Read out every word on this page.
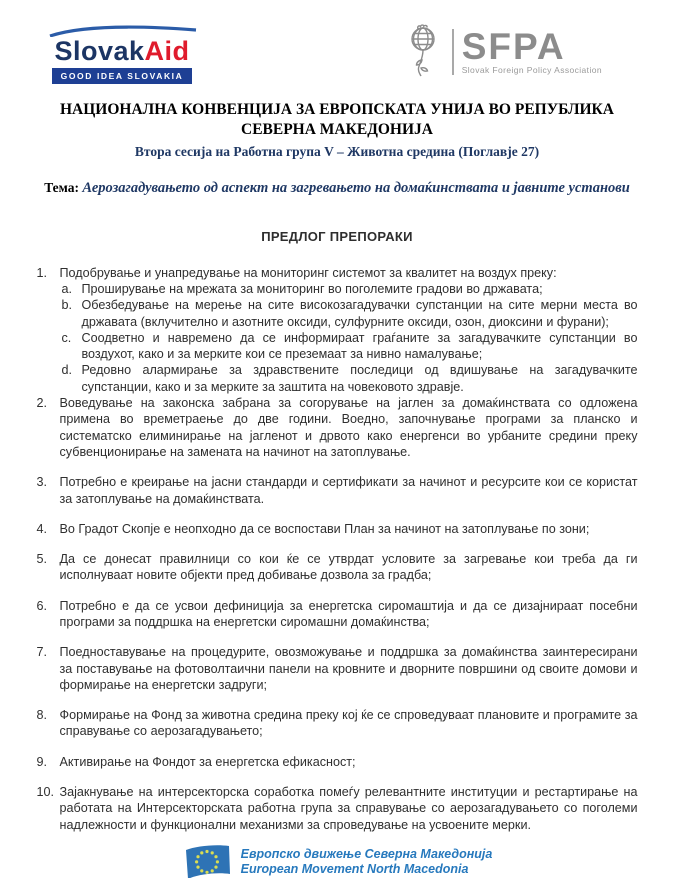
SlovakAid
GOOD IDEA SLOVAKIA
SFPA
Slovak Foreign Policy Association
НАЦИОНАЛНА КОНВЕНЦИЈА ЗА ЕВРОПСКАТА УНИЈА ВО РЕПУБЛИКА СЕВЕРНА МАКЕДОНИЈА
Втора сесија на Работна група V – Животна средина (Поглавје 27)
Тема: Аерозагадувањето од аспект на загревањето на домаќинствата и јавните установи
ПРЕДЛОГ ПРЕПОРАКИ
1. Подобрување и унапредување на мониторинг системот за квалитет на воздух преку:
a. Проширување на мрежата за мониторинг во поголемите градови во државата;
b. Обезбедување на мерење на сите високозагадувачки супстанции на сите мерни места во државата (вклучително и азотните оксиди, сулфурните оксиди, озон, диоксини и фурани);
c. Соодветно и навремено да се информираат граѓаните за загадувачките супстанции во воздухот, како и за мерките кои се преземаат за нивно намалување;
d. Редовно алармирање за здравствените последици од вдишување на загадувачките супстанции, како и за мерките за заштита на човековото здравје.
2. Воведување на законска забрана за согорување на јаглен за домаќинствата со одложена примена во времетраење до две години. Воедно, започнување програми за планско и систематско елиминирање на јагленот и дрвото како енергенси во урбаните средини преку субвенционирање на замената на начинот на затоплување.
3. Потребно е креирање на јасни стандарди и сертификати за начинот и ресурсите кои се користат за затоплување на домаќинствата.
4. Во Градот Скопје е неопходно да се воспостави План за начинот на затоплување по зони;
5. Да се донесат правилници со кои ќе се утврдат условите за загревање кои треба да ги исполнуваат новите објекти пред добивање дозвола за градба;
6. Потребно е да се усвои дефиниција за енергетска сиромаштија и да се дизајнираат посебни програми за поддршка на енергетски сиромашни домаќинства;
7. Поедноставување на процедурите, овозможување и поддршка за домаќинства заинтересирани за поставување на фотоволтаични панели на кровните и дворните површини од своите домови и формирање на енергетски задруги;
8. Формирање на Фонд за животна средина преку кој ќе се спроведуваат плановите и програмите за справување со аерозагадувањето;
9. Активирање на Фондот за енергетска ефикасност;
10. Зајакнување на интерсекторска соработка помеѓу релевантните институции и рестартирање на работата на Интерсекторската работна група за справување со аерозагадувањето со поголеми надлежности и функционални механизми за спроведување на усвоените мерки.
Европско движење Северна Македонија
European Movement North Macedonia
